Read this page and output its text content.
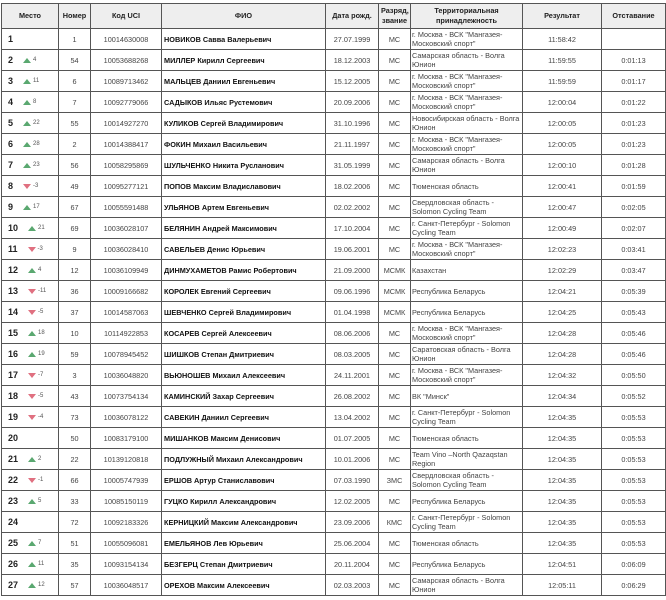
Место	Номер	Код UCI	ФИО	Дата рожд.	Разряд, звание	Территориальная принадлежность	Результат	Отставание
1	1	10014630008	НОВИКОВ Савва Валерьевич	27.07.1999	МС	г. Москва - ВСК "Мангазея-Московский спорт"	11:58:42	
2 4	54	10053688268	МИЛЛЕР Кирилл Сергеевич	18.12.2003	МС	Самарская область - Волга Юнион	11:59:55	0:01:13
3 11	6	10089713462	МАЛЬЦЕВ Даниил Евгеньевич	15.12.2005	МС	г. Москва - ВСК "Мангазея-Московский спорт"	11:59:59	0:01:17
4 8	7	10092779066	САДЫКОВ Ильяс Рустемович	20.09.2006	МС	г. Москва - ВСК "Мангазея-Московский спорт"	12:00:04	0:01:22
5 22	55	10014927270	КУЛИКОВ Сергей Владимирович	31.10.1996	МС	Новосибирская область - Волга Юнион	12:00:05	0:01:23
6 28	2	10014388417	ФОКИН Михаил Васильевич	21.11.1997	МС	г. Москва - ВСК "Мангазея-Московский спорт"	12:00:05	0:01:23
7 23	56	10058295869	ШУЛЬЧЕНКО Никита Русланович	31.05.1999	МС	Самарская область - Волга Юнион	12:00:10	0:01:28
8 -3	49	10095277121	ПОПОВ Максим Владиславович	18.02.2006	МС	Тюменская область	12:00:41	0:01:59
9 17	67	10055591488	УЛЬЯНОВ Артем Евгеньевич	02.02.2002	МС	Свердловская область - Solomon Cycling Team	12:00:47	0:02:05
10 21	69	10036028107	БЕЛЯНИН Андрей Максимович	17.10.2004	МС	г. Санкт-Петербург - Solomon Cycling Team	12:00:49	0:02:07
11 -3	9	10036028410	САВЕЛЬЕВ Денис Юрьевич	19.06.2001	МС	г. Москва - ВСК "Мангазея-Московский спорт"	12:02:23	0:03:41
12 4	12	10036109949	ДИНМУХАМЕТОВ Рамис Робертович	21.09.2000	МСМК	Казахстан	12:02:29	0:03:47
13 -11	36	10009166682	КОРОЛЕК Евгений Сергеевич	09.06.1996	МСМК	Республика Беларусь	12:04:21	0:05:39
14 -5	37	10014587063	ШЕВЧЕНКО Сергей Владимирович	01.04.1998	МСМК	Республика Беларусь	12:04:25	0:05:43
15 18	10	10114922853	КОСАРЕВ Сергей Алексеевич	08.06.2006	МС	г. Москва - ВСК "Мангазея-Московский спорт"	12:04:28	0:05:46
16 19	59	10078945452	ШИШКОВ Степан Дмитриевич	08.03.2005	МС	Саратовская область - Волга Юнион	12:04:28	0:05:46
17 -7	3	10036048820	ВЬЮНОШЕВ Михаил Алексеевич	24.11.2001	МС	г. Москва - ВСК "Мангазея-Московский спорт"	12:04:32	0:05:50
18 -5	43	10073754134	КАМИНСКИЙ Захар Сергеевич	26.08.2002	МС	ВК "Минск"	12:04:34	0:05:52
19 -4	73	10036078122	САВЕКИН Даниил Сергеевич	13.04.2002	МС	г. Санкт-Петербург - Solomon Cycling Team	12:04:35	0:05:53
20	50	10083179100	МИШАНКОВ Максим Денисович	01.07.2005	МС	Тюменская область	12:04:35	0:05:53
21 2	22	10139120818	ПОДЛУЖНЫЙ Михаил Александрович	10.01.2006	МС	Team Vino –North Qazaqstan Region	12:04:35	0:05:53
22 -1	66	10005747939	ЕРШОВ Артур Станиславович	07.03.1990	ЗМС	Свердловская область - Solomon Cycling Team	12:04:35	0:05:53
23 5	33	10085150119	ГУЦКО Кирилл Александрович	12.02.2005	МС	Республика Беларусь	12:04:35	0:05:53
24	72	10092183326	КЕРНИЦКИЙ Максим Александрович	23.09.2006	КМС	г. Санкт-Петербург - Solomon Cycling Team	12:04:35	0:05:53
25 7	51	10055096081	ЕМЕЛЬЯНОВ Лев Юрьевич	25.06.2004	МС	Тюменская область	12:04:35	0:05:53
26 11	35	10093154134	БЕЗГЕРЦ Степан Дмитриевич	20.11.2004	МС	Республика Беларусь	12:04:51	0:06:09
27 12	57	10036048517	ОРЕХОВ Максим Алексеевич	02.03.2003	МС	Самарская область - Волга Юнион	12:05:11	0:06:29
